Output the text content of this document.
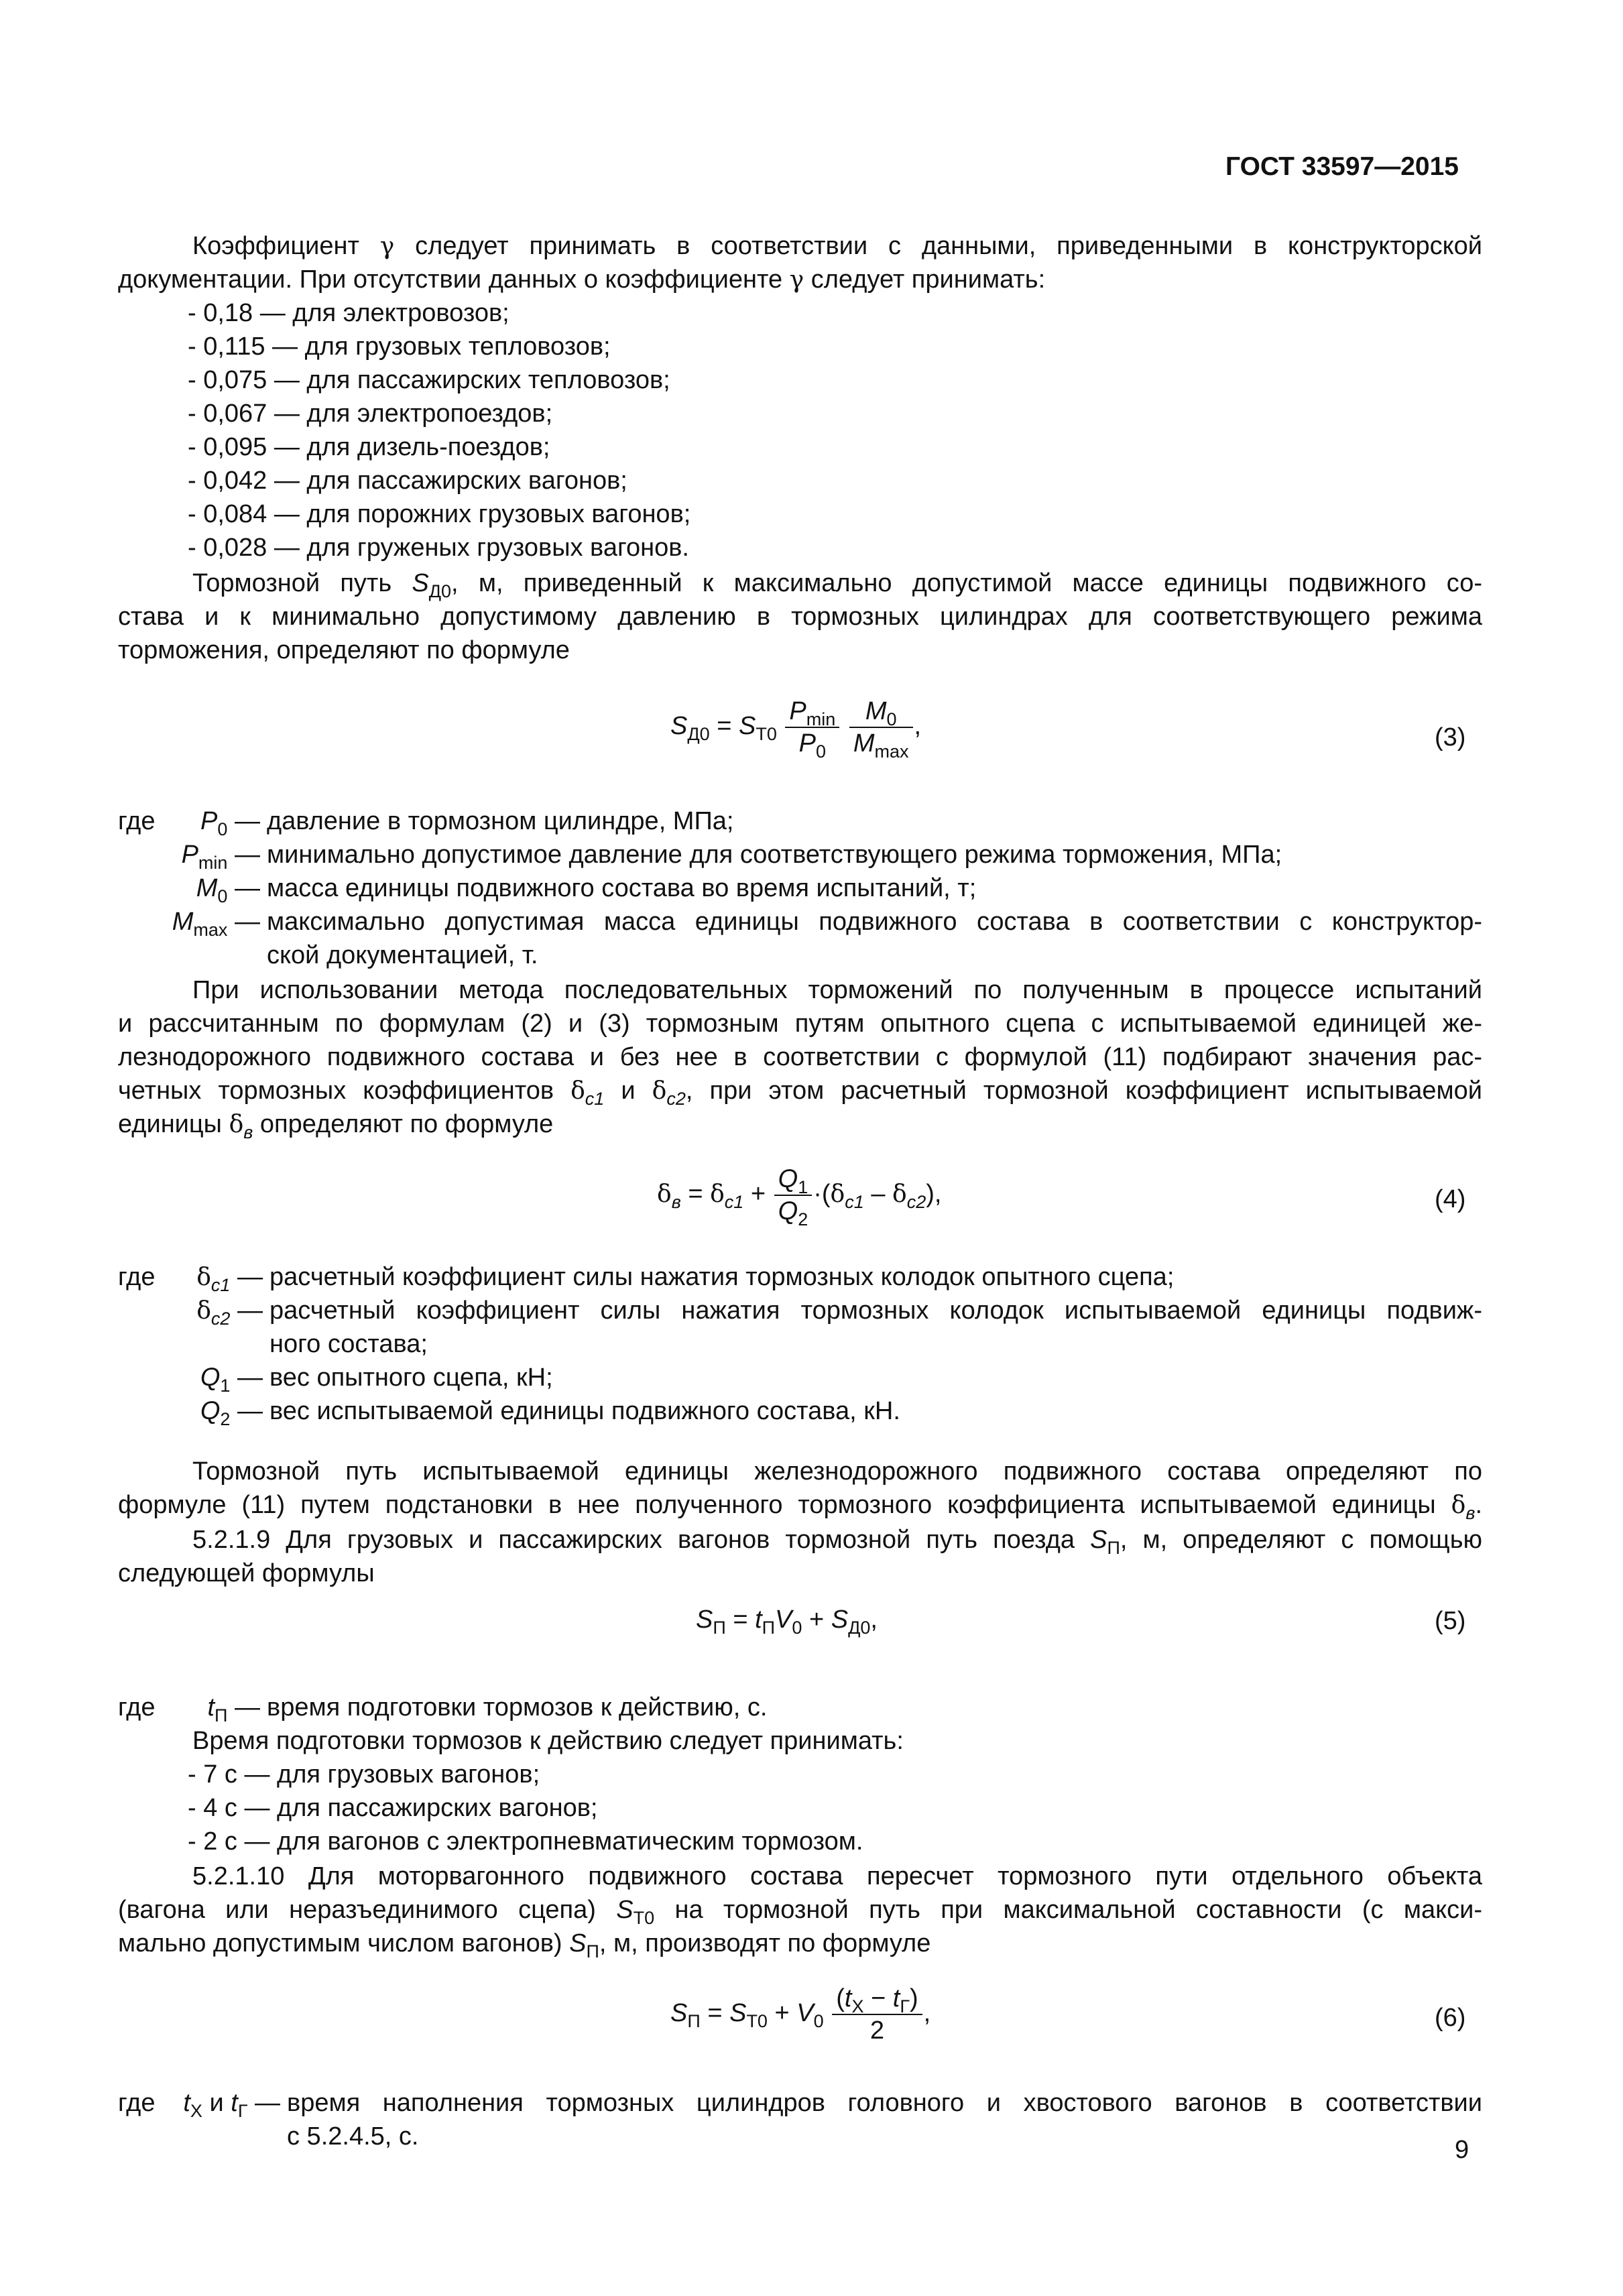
ГОСТ 33597—2015
Коэффициент γ следует принимать в соответствии с данными, приведенными в конструкторской
документации. При отсутствии данных о коэффициенте γ следует принимать:
- 0,18 — для электровозов;
- 0,115 — для грузовых тепловозов;
- 0,075 — для пассажирских тепловозов;
- 0,067 — для электропоездов;
- 0,095 — для дизель-поездов;
- 0,042 — для пассажирских вагонов;
- 0,084 — для порожних грузовых вагонов;
- 0,028 — для груженых грузовых вагонов.
Тормозной путь $S_{Д0}$, м, приведенный к максимально допустимой массе единицы подвижного со-
става и к минимально допустимому давлению в тормозных цилиндрах для соответствующего режима
торможения, определяют по формуле
$S_{Д0} = S_{Т0} \frac{P_{min}}{P_0}$
$\frac{M_0}{M_{max}}$ ,	(3)
где	$P_0$ — давление в тормозном цилиндре, МПа;
$P_{min}$ — минимально допустимое давление для соответствующего режима торможения, МПа;
$M_0$ — масса единицы подвижного состава во время испытаний, т;
$M_{max}$ — максимально допустимая масса единицы подвижного состава в соответствии с конструктор-
ской документацией, т.
При использовании метода последовательных торможений по полученным в процессе испытаний
и рассчитанным по формулам (2) и (3) тормозным путям опытного сцепа с испытываемой единицей же-
лезнодорожного подвижного состава и без нее в соответствии с формулой (11) подбирают значения рас-
четных тормозных коэффициентов $\delta_{с1}$ и $\delta_{с2}$, при этом расчетный тормозной коэффициент испытываемой
единицы $\delta_в$ определяют по формуле
$\delta_в = \delta_{с1} + \frac{Q_1}{Q_2} \cdot(\delta_{с1} - \delta_{с2})$,	(4)
где	$\delta_{с1}$ — расчетный коэффициент силы нажатия тормозных колодок опытного сцепа;
$\delta_{с2}$ — расчетный коэффициент силы нажатия тормозных колодок испытываемой единицы подвиж-
ного состава;
$Q_1$ — вес опытного сцепа, кН;
$Q_2$ — вес испытываемой единицы подвижного состава, кН.
Тормозной путь испытываемой единицы железнодорожного подвижного состава определяют по
формуле (11) путем подстановки в нее полученного тормозного коэффициента испытываемой единицы $\delta_в$.
5.2.1.9 Для грузовых и пассажирских вагонов тормозной путь поезда $S_П$, м, определяют с помощью
следующей формулы
$S_П = t_ПV_0 + S_{Д0}$,	(5)
где	$t_П$ — время подготовки тормозов к действию, с.
Время подготовки тормозов к действию следует принимать:
- 7 с — для грузовых вагонов;
- 4 с — для пассажирских вагонов;
- 2 с — для вагонов с электропневматическим тормозом.
5.2.1.10 Для моторвагонного подвижного состава пересчет тормозного пути отдельного объекта
(вагона или неразъединимого сцепа) $S_{Т0}$ на тормозной путь при максимальной составности (с макси-
мально допустимым числом вагонов) $S_П$, м, производят по формуле
$S_П = S_{Т0} + V_0 \frac{(t_Х - t_Г)}{2}$ ,	(6)
где	$t_Х$ и $t_Г$ — время наполнения тормозных цилиндров головного и хвостового вагонов в соответствии
с 5.2.4.5, с.	9
